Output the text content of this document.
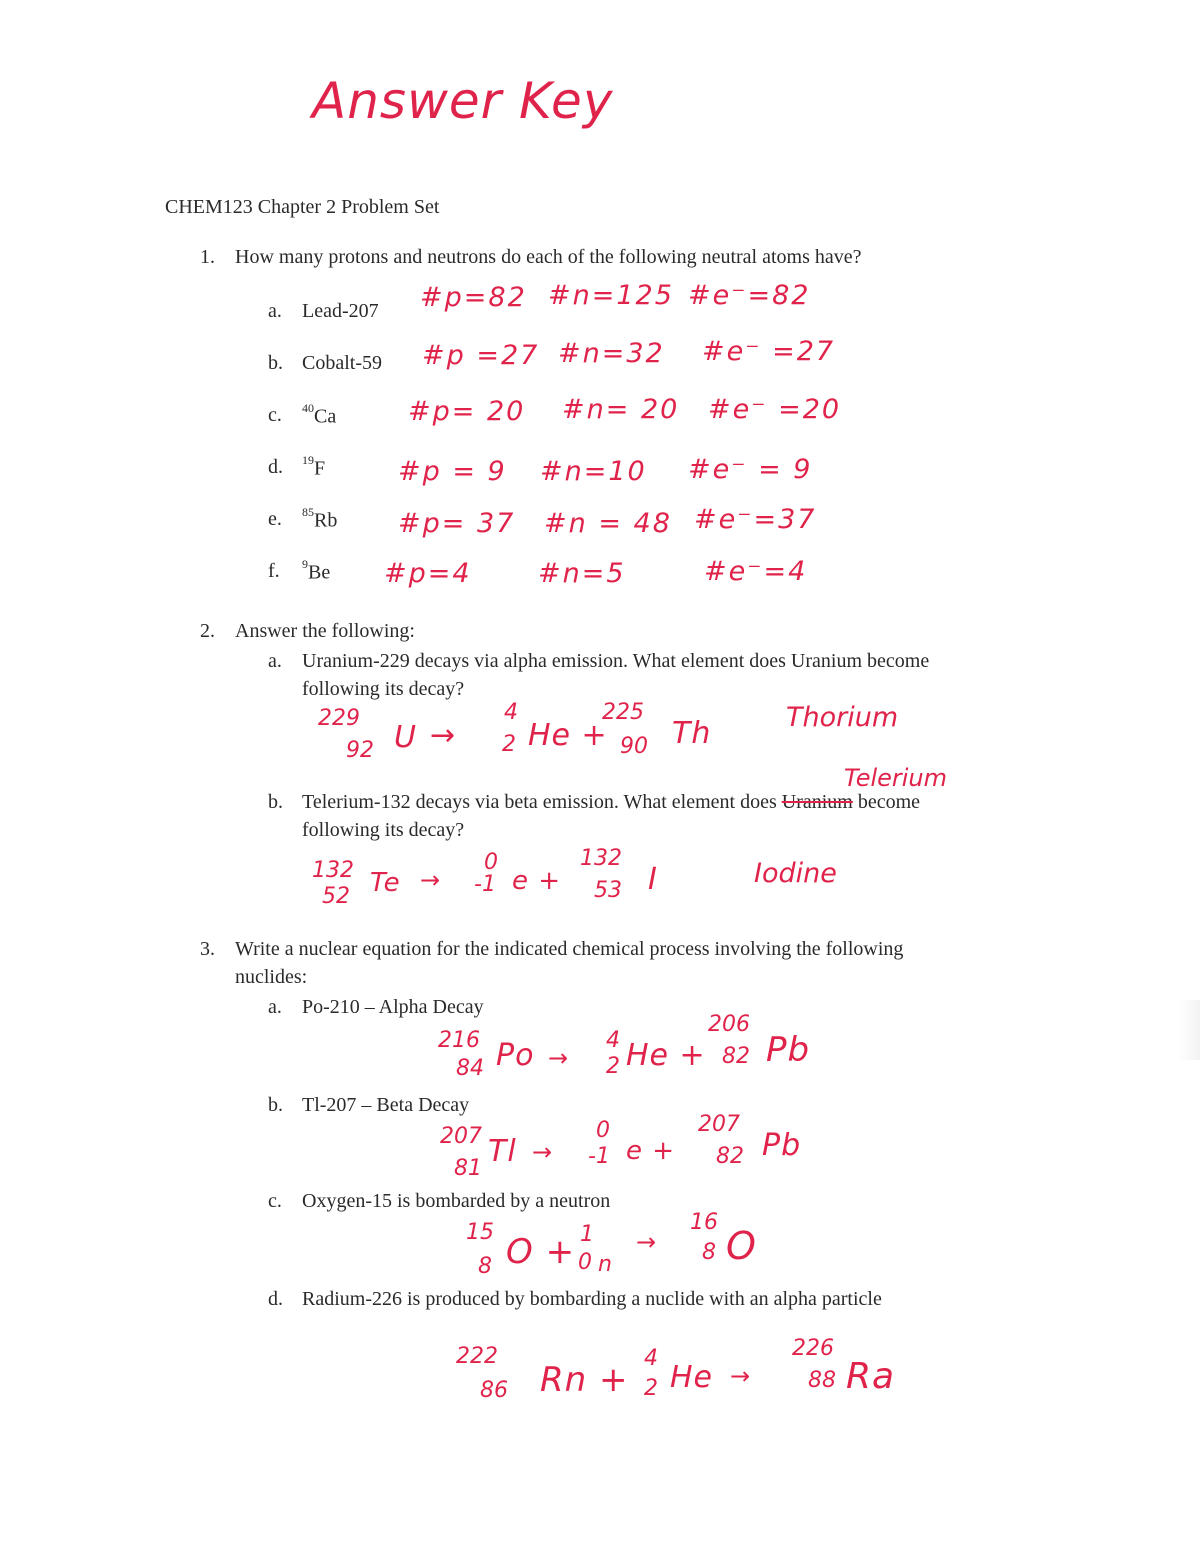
Answer Key
CHEM123 Chapter 2 Problem Set
1. How many protons and neutrons do each of the following neutral atoms have?
a. Lead-207 #p=82 #n=125 #e⁻=82
b. Cobalt-59 #p =27 #n=32 #e⁻ =27
c. $^{40}$Ca	#p= 20 #n= 20 #e⁻ =20
d. $^{19}$F	#p = 9 #n=10 #e⁻ = 9
e. $^{85}$Rb #p= 37 #n = 48 #e⁻=37
f. $^9$Be #p=4 #n=5	#e⁻=4
2. Answer the following:
a. Uranium-229 decays via alpha emission. What element does Uranium become
following its decay?
229
92 U →
4
2 He +
225
90 Th	Thorium
Telerium
b. Telerium-132 decays via beta emission. What element does Uranium become
following its decay?
132
52 Te →
0
-1 e +
132
53 I	Iodine
3. Write a nuclear equation for the indicated chemical process involving the following
nuclides:
a. Po-210 – Alpha Decay
216
84 Po →
4
2 He +
206
82 Pb
b. Tl-207 – Beta Decay
207
81 Tl →
0
-1 e +
207
82 Pb
c. Oxygen-15 is bombarded by a neutron
15
8 O + 1
0 n
→
16
8 O
d. Radium-226 is produced by bombarding a nuclide with an alpha particle
222
86 Rn +
4
2 He →
226
88 Ra
